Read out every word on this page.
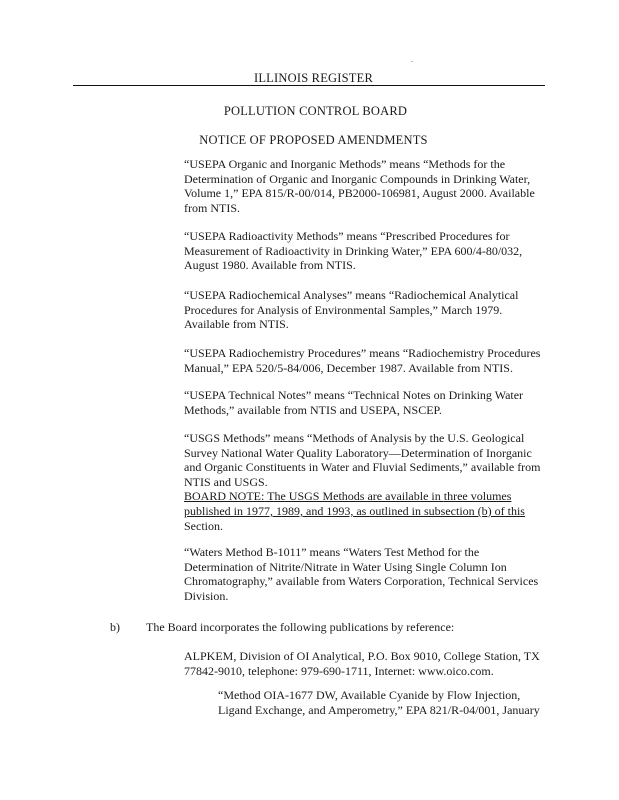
.
ILLINOIS REGISTER
POLLUTION CONTROL BOARD
NOTICE OF PROPOSED AMENDMENTS

“USEPA Organic and Inorganic Methods” means “Methods for the

Determination of Organic and Inorganic Compounds in Drinking Water,

Volume 1,” EPA 815/R-00/014, PB2000-106981, August 2000. Available

from NTIS.

“USEPA Radioactivity Methods” means “Prescribed Procedures for

Measurement of Radioactivity in Drinking Water,” EPA 600/4-80/032,

August 1980. Available from NTIS.

“USEPA Radiochemical Analyses” means “Radiochemical Analytical

Procedures for Analysis of Environmental Samples,” March 1979.

Available from NTIS.

“USEPA Radiochemistry Procedures” means “Radiochemistry Procedures

Manual,” EPA 520/5-84/006, December 1987. Available from NTIS.

“USEPA Technical Notes” means “Technical Notes on Drinking Water

Methods,” available from NTIS and USEPA, NSCEP.

“USGS Methods” means “Methods of Analysis by the U.S. Geological

Survey National Water Quality Laboratory—Determination of Inorganic

and Organic Constituents in Water and Fluvial Sediments,” available from

NTIS and USGS.

BOARD NOTE: The USGS Methods are available in three volumes

published in 1977, 1989, and 1993, as outlined in subsection (b) of this

Section.

“Waters Method B-1011” means “Waters Test Method for the

Determination of Nitrite/Nitrate in Water Using Single Column Ion

Chromatography,” available from Waters Corporation, Technical Services

Division.

b) The Board incorporates the following publications by reference:

ALPKEM, Division of OI Analytical, P.O. Box 9010, College Station, TX

77842-9010, telephone: 979-690-1711, Internet: www.oico.com.

“Method OIA-1677 DW, Available Cyanide by Flow Injection,

Ligand Exchange, and Amperometry,” EPA 821/R-04/001, January
